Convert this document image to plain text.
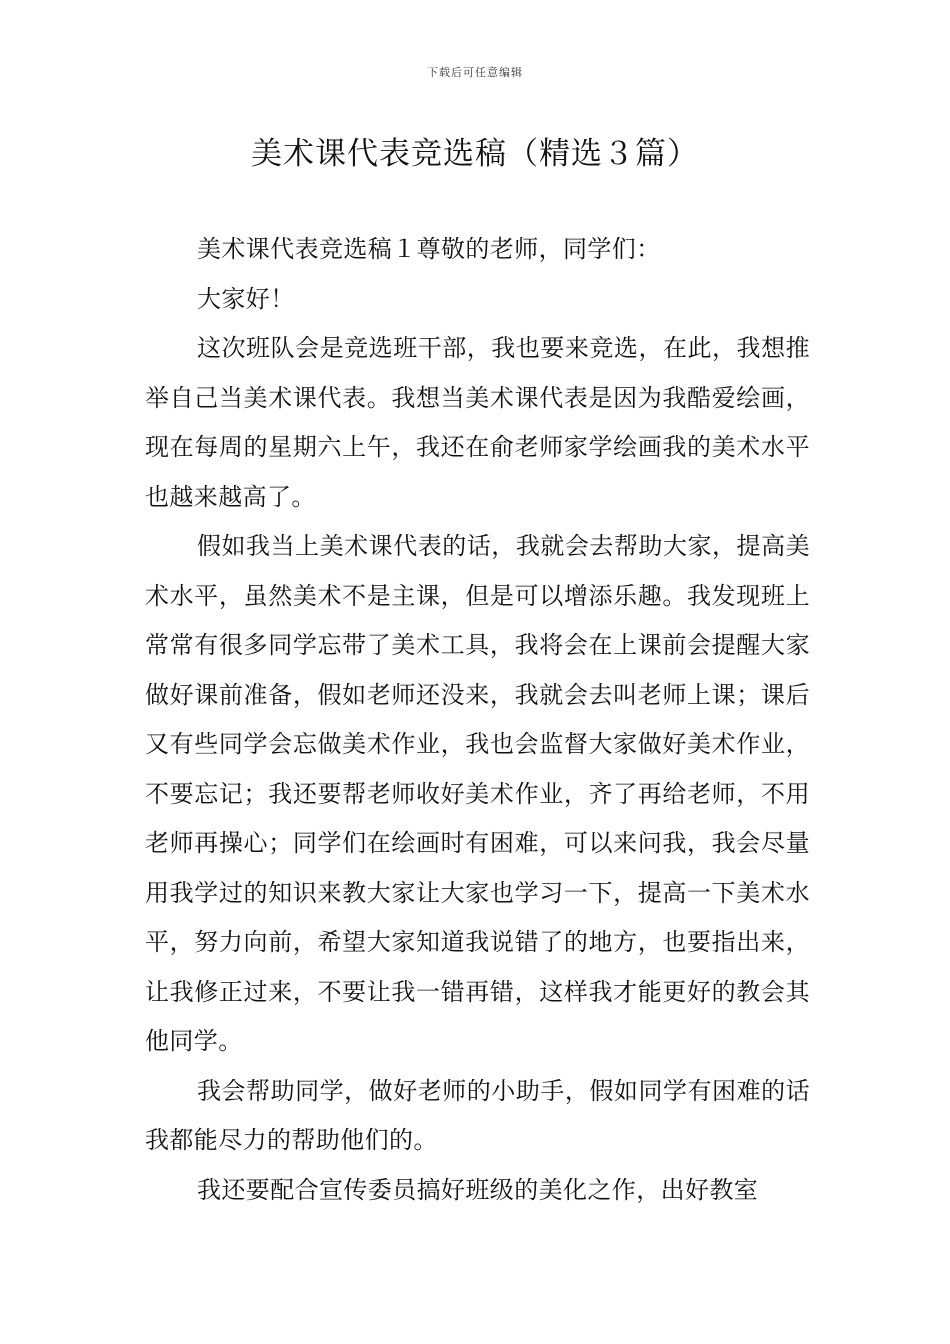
下载后可任意编辑
美术课代表竞选稿（精选３篇）

美术课代表竞选稿１尊敬的老师，同学们：

大家好！

这次班队会是竞选班干部，我也要来竞选，在此，我想推举自己当美术课代表。我想当美术课代表是因为我酷爱绘画，现在每周的星期六上午，我还在俞老师家学绘画我的美术水平也越来越高了。

假如我当上美术课代表的话，我就会去帮助大家，提高美术水平，虽然美术不是主课，但是可以增添乐趣。我发现班上常常有很多同学忘带了美术工具，我将会在上课前会提醒大家做好课前准备，假如老师还没来，我就会去叫老师上课；课后又有些同学会忘做美术作业，我也会监督大家做好美术作业，不要忘记；我还要帮老师收好美术作业，齐了再给老师，不用老师再操心；同学们在绘画时有困难，可以来问我，我会尽量用我学过的知识来教大家让大家也学习一下，提高一下美术水平，努力向前，希望大家知道我说错了的地方，也要指出来，让我修正过来，不要让我一错再错，这样我才能更好的教会其他同学。

我会帮助同学，做好老师的小助手，假如同学有困难的话我都能尽力的帮助他们的。

我还要配合宣传委员搞好班级的美化之作，出好教室
